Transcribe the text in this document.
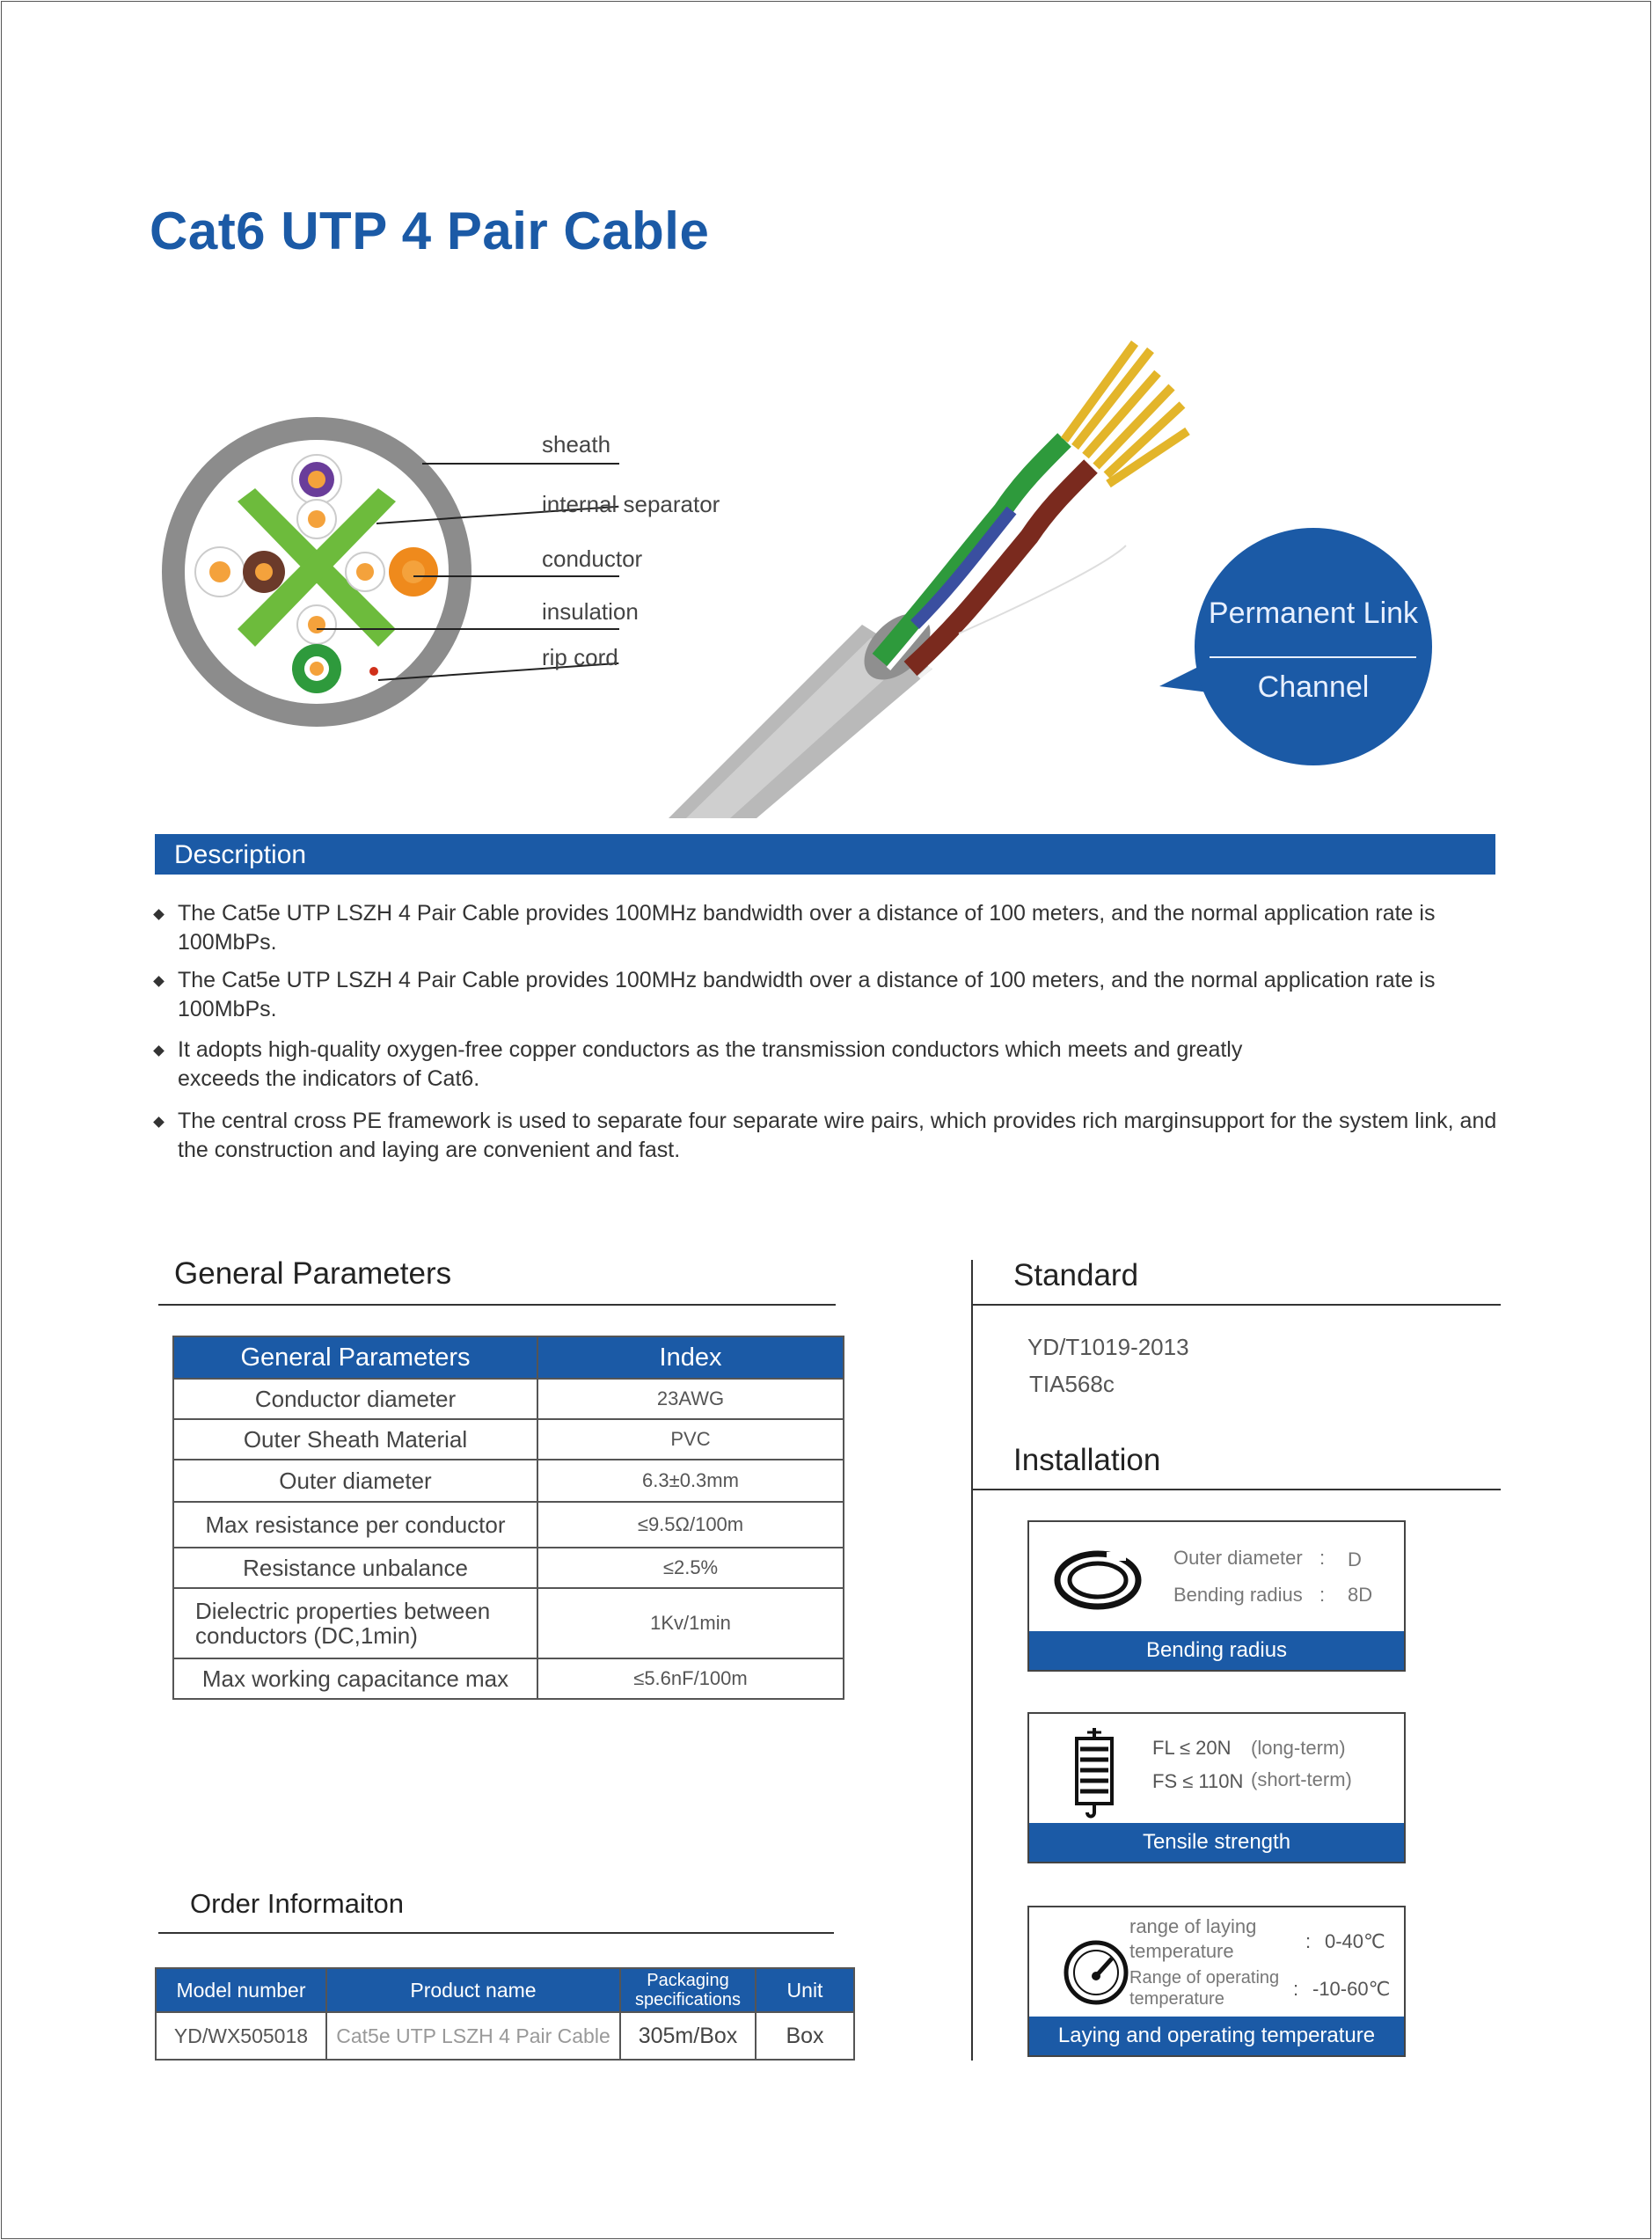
Cat6 UTP 4 Pair Cable
sheath
internal separator
conductor
insulation
rip cord
Permanent Link
Channel
Description
The Cat5e UTP LSZH 4 Pair Cable provides 100MHz bandwidth over a distance of 100 meters, and the normal application rate is 100MbPs.
The Cat5e UTP LSZH 4 Pair Cable provides 100MHz bandwidth over a distance of 100 meters, and the normal application rate is 100MbPs.
It adopts high-quality oxygen-free copper conductors as the transmission conductors which meets and greatly exceeds the indicators of Cat6.
The central cross PE framework is used to separate four separate wire pairs, which provides rich marginsupport for the system link, and the construction and laying are convenient and fast.
General Parameters
General Parameters	Index
Conductor diameter	23AWG
Outer Sheath Material	PVC
Outer diameter	6.3±0.3mm
Max resistance per conductor	≤9.5Ω/100m
Resistance unbalance	≤2.5%
Dielectric properties between conductors (DC,1min)	1Kv/1min
Max working capacitance max	≤5.6nF/100m
Standard
YD/T1019-2013
TIA568c
Installation
Outer diameter : D
Bending radius : 8D
Bending radius
FL ≤ 20N (long-term)
FS ≤ 110N (short-term)
Tensile strength
range of laying temperature	: 0-40℃
Range of operating temperature	: -10-60℃
Laying and operating temperature
Order Informaiton
Model number	Product name	Packaging specifications	Unit
YD/WX505018	Cat5e UTP LSZH 4 Pair Cable	305m/Box	Box
